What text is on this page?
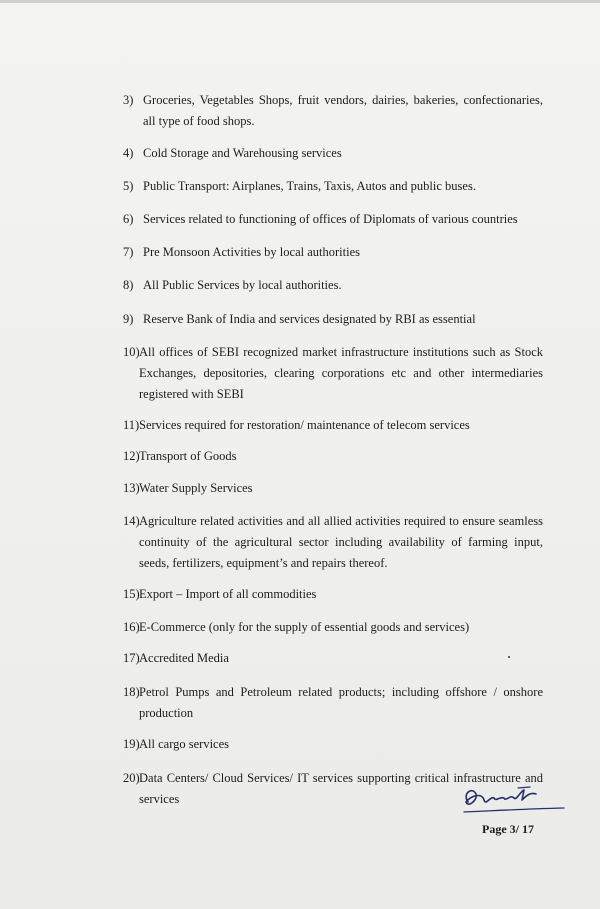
3) Groceries, Vegetables Shops, fruit vendors, dairies, bakeries, confectionaries, all type of food shops.
4) Cold Storage and Warehousing services
5) Public Transport: Airplanes, Trains, Taxis, Autos and public buses.
6) Services related to functioning of offices of Diplomats of various countries
7) Pre Monsoon Activities by local authorities
8) All Public Services by local authorities.
9) Reserve Bank of India and services designated by RBI as essential
10) All offices of SEBI recognized market infrastructure institutions such as Stock Exchanges, depositories, clearing corporations etc and other intermediaries registered with SEBI
11) Services required for restoration/ maintenance of telecom services
12) Transport of Goods
13) Water Supply Services
14) Agriculture related activities and all allied activities required to ensure seamless continuity of the agricultural sector including availability of farming input, seeds, fertilizers, equipment’s and repairs thereof.
15) Export – Import of all commodities
16) E-Commerce (only for the supply of essential goods and services)
17) Accredited Media
18) Petrol Pumps and Petroleum related products; including offshore / onshore production
19) All cargo services
20) Data Centers/ Cloud Services/ IT services supporting critical infrastructure and services
Page 3/ 17
